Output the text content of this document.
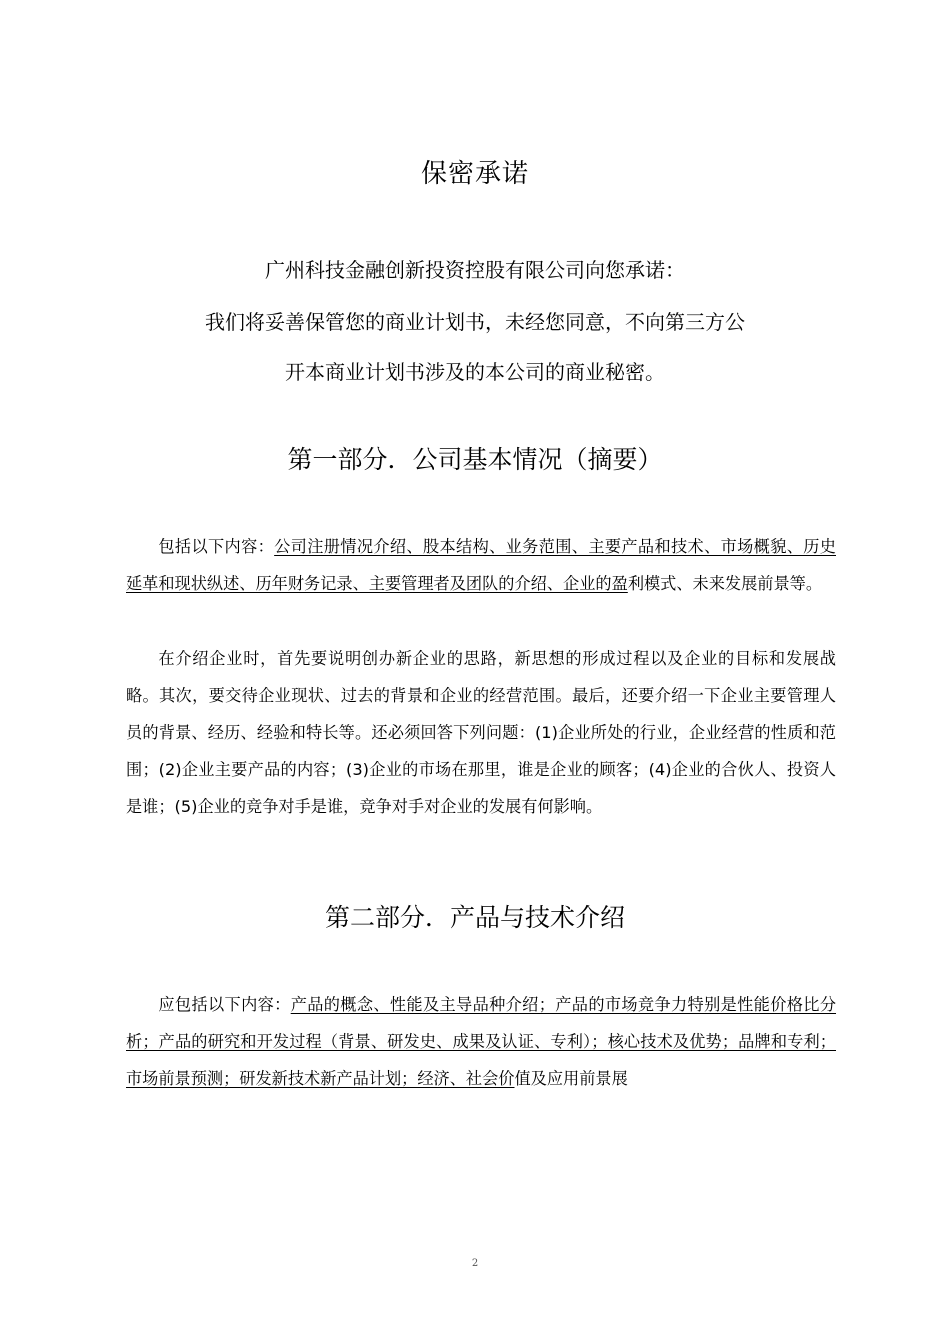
保密承诺
广州科技金融创新投资控股有限公司向您承诺：
我们将妥善保管您的商业计划书，未经您同意，不向第三方公
开本商业计划书涉及的本公司的商业秘密。
第一部分．公司基本情况（摘要）
包括以下内容：公司注册情况介绍、股本结构、业务范围、主要产品和技术、市场概貌、历史延革和现状纵述、历年财务记录、主要管理者及团队的介绍、企业的盈利模式、未来发展前景等。
在介绍企业时，首先要说明创办新企业的思路，新思想的形成过程以及企业的目标和发展战略。其次，要交待企业现状、过去的背景和企业的经营范围。最后，还要介绍一下企业主要管理人员的背景、经历、经验和特长等。还必须回答下列问题：(1)企业所处的行业，企业经营的性质和范围；(2)企业主要产品的内容；(3)企业的市场在那里，谁是企业的顾客；(4)企业的合伙人、投资人是谁；(5)企业的竞争对手是谁，竞争对手对企业的发展有何影响。
第二部分．产品与技术介绍
应包括以下内容：产品的概念、性能及主导品种介绍；产品的市场竞争力特别是性能价格比分析；产品的研究和开发过程（背景、研发史、成果及认证、专利）；核心技术及优势；品牌和专利；市场前景预测；研发新技术新产品计划；经济、社会价值及应用前景展
2
